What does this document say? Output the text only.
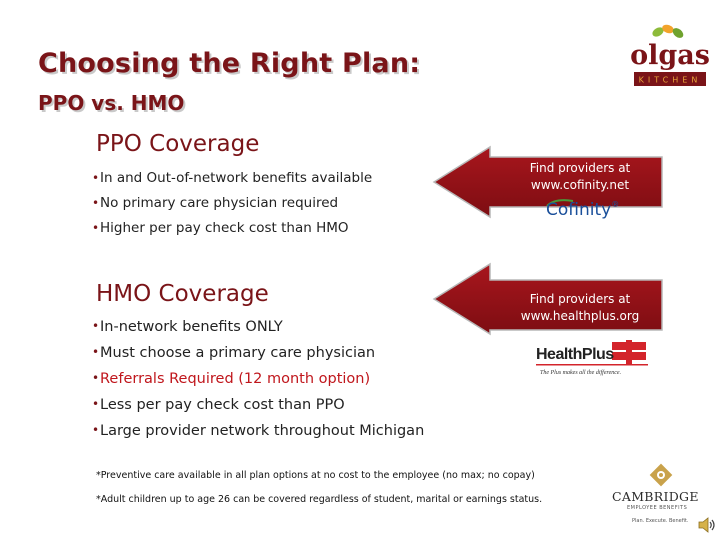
Choosing the Right Plan:
PPO vs. HMO
olgas
KITCHEN
PPO Coverage
• In and Out-of-network benefits available
• No primary care physician required
• Higher per pay check cost than HMO
Find providers at
www.cofinity.net
Cofinity®
HMO Coverage
• In-network benefits ONLY
• Must choose a primary care physician
• Referrals Required (12 month option)
• Less per pay check cost than PPO
• Large provider network throughout Michigan
Find providers at
www.healthplus.org
HealthPlus
The Plus makes all the difference.
*Preventive care available in all plan options at no cost to the employee (no max; no copay)
*Adult children up to age 26 can be covered regardless of student, marital or earnings status.	CAMBRIDGE
EMPLOYEE BENEFITS
Plan. Execute. Benefit.
